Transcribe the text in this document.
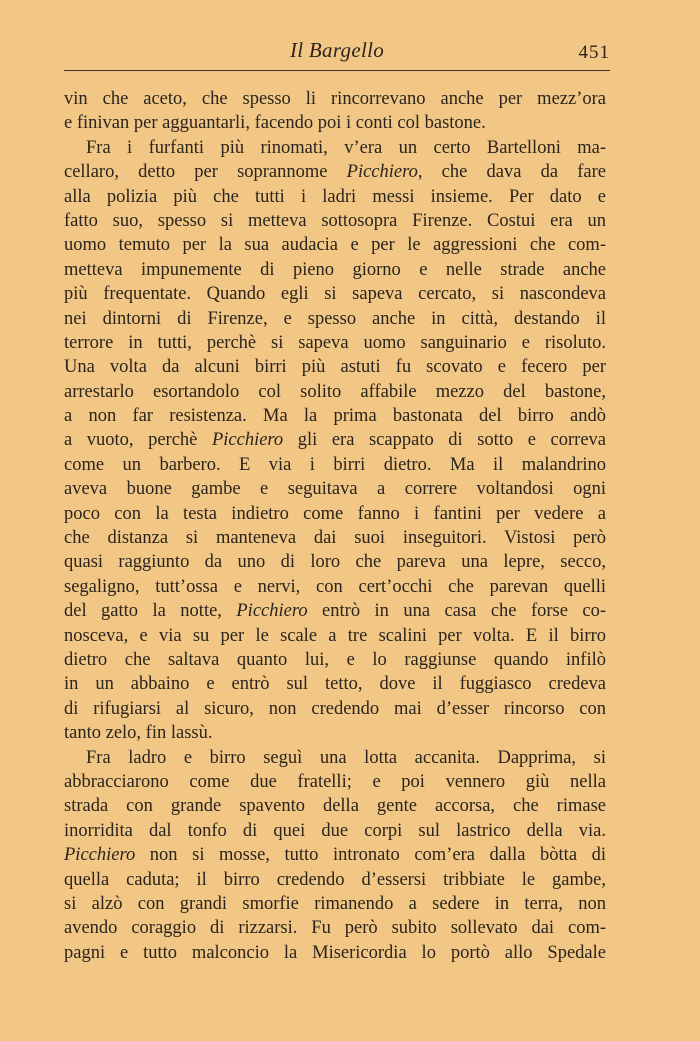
Il Bargello	451
vin che aceto, che spesso li rincorrevano anche per mezz’ora
e finivan per agguantarli, facendo poi i conti col bastone.
Fra i furfanti più rinomati, v’era un certo Bartelloni ma-
cellaro, detto per soprannome Picchiero, che dava da fare
alla polizia più che tutti i ladri messi insieme. Per dato e
fatto suo, spesso si metteva sottosopra Firenze. Costui era un
uomo temuto per la sua audacia e per le aggressioni che com-
metteva impunemente di pieno giorno e nelle strade anche
più frequentate. Quando egli si sapeva cercato, si nascondeva
nei dintorni di Firenze, e spesso anche in città, destando il
terrore in tutti, perchè si sapeva uomo sanguinario e risoluto.
Una volta da alcuni birri più astuti fu scovato e fecero per
arrestarlo esortandolo col solito affabile mezzo del bastone,
a non far resistenza. Ma la prima bastonata del birro andò
a vuoto, perchè Picchiero gli era scappato di sotto e correva
come un barbero. E via i birri dietro. Ma il malandrino
aveva buone gambe e seguitava a correre voltandosi ogni
poco con la testa indietro come fanno i fantini per vedere a
che distanza si manteneva dai suoi inseguitori. Vistosi però
quasi raggiunto da uno di loro che pareva una lepre, secco,
segaligno, tutt’ossa e nervi, con cert’occhi che parevan quelli
del gatto la notte, Picchiero entrò in una casa che forse co-
nosceva, e via su per le scale a tre scalini per volta. E il birro
dietro che saltava quanto lui, e lo raggiunse quando infilò
in un abbaino e entrò sul tetto, dove il fuggiasco credeva
di rifugiarsi al sicuro, non credendo mai d’esser rincorso con
tanto zelo, fin lassù.
Fra ladro e birro seguì una lotta accanita. Dapprima, si
abbracciarono come due fratelli; e poi vennero giù nella
strada con grande spavento della gente accorsa, che rimase
inorridita dal tonfo di quei due corpi sul lastrico della via.
Picchiero non si mosse, tutto intronato com’era dalla bòtta di
quella caduta; il birro credendo d’essersi tribbiate le gambe,
si alzò con grandi smorfie rimanendo a sedere in terra, non
avendo coraggio di rizzarsi. Fu però subito sollevato dai com-
pagni e tutto malconcio la Misericordia lo portò allo Spedale
